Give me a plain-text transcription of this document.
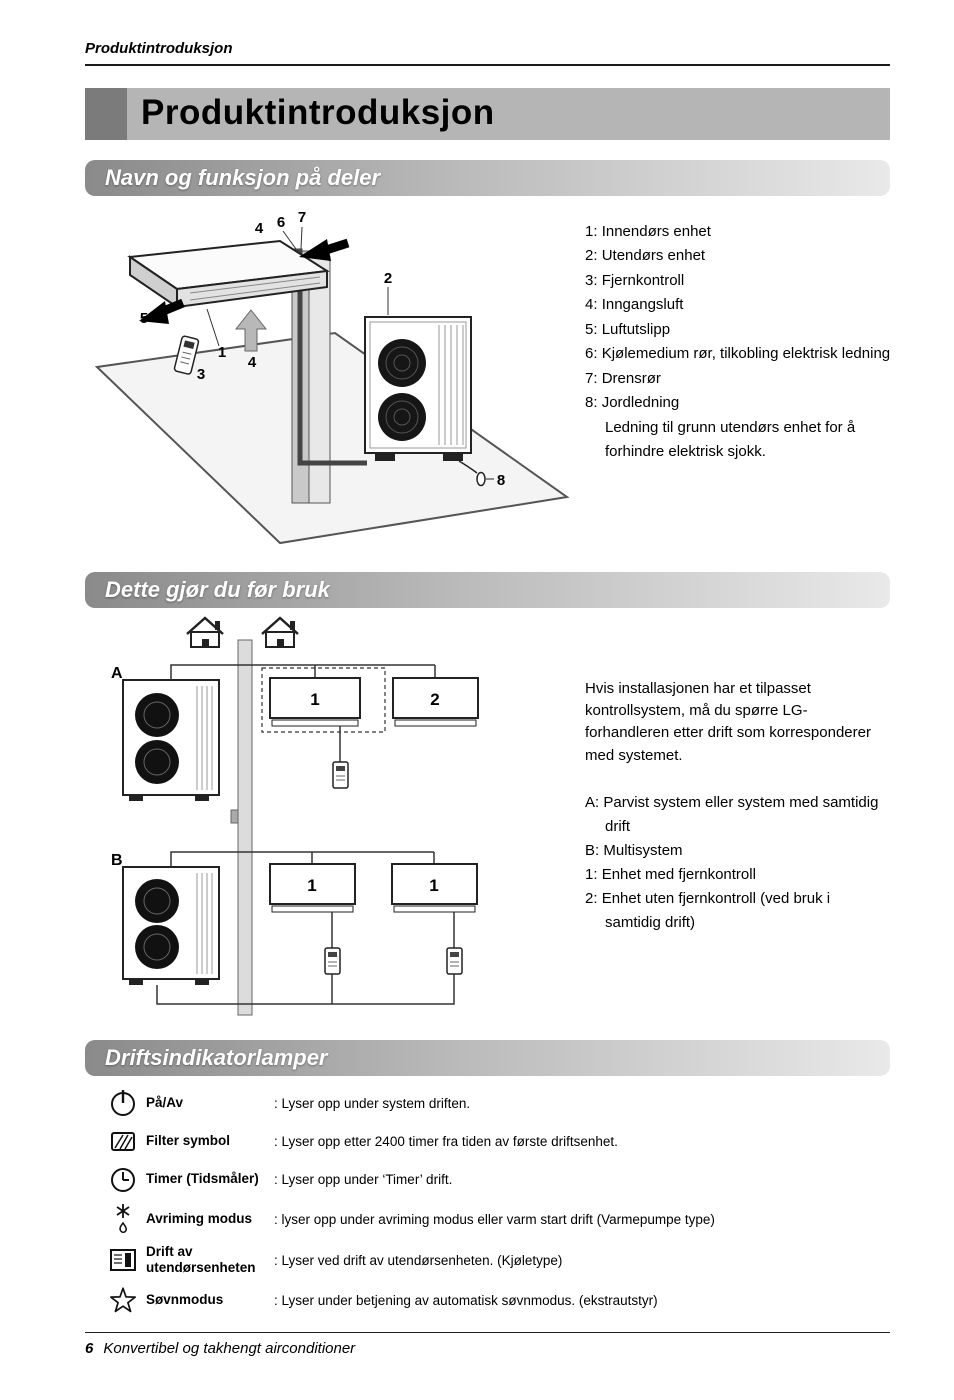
Produktintroduksjon
Produktintroduksjon
Navn og funksjon på deler
4 6 7
2
5
1
3
4
8
1: Innendørs enhet
2: Utendørs enhet
3: Fjernkontroll
4: Inngangsluft
5: Luftutslipp
6: Kjølemedium rør, tilkobling elektrisk ledning
7: Drensrør
8: Jordledning
Ledning til grunn utendørs enhet for å forhindre elektrisk sjokk.
Dette gjør du før bruk
A
1	2
B
1	1
Hvis installasjonen har et tilpasset kontrollsystem, må du spørre LG-forhandleren etter drift som korresponderer med systemet.
A: Parvist system eller system med samtidig drift
B: Multisystem
1: Enhet med fjernkontroll
2: Enhet uten fjernkontroll (ved bruk i samtidig drift)
Driftsindikatorlamper
På/Av	: Lyser opp under system driften.
Filter symbol	: Lyser opp etter 2400 timer fra tiden av første driftsenhet.
Timer (Tidsmåler)	: Lyser opp under ‘Timer’ drift.
Avriming modus	: lyser opp under avriming modus eller varm start drift (Varmepumpe type)
Drift av utendørsenheten	: Lyser ved drift av utendørsenheten. (Kjøletype)
Søvnmodus	: Lyser under betjening av automatisk søvnmodus. (ekstrautstyr)
6 Konvertibel og takhengt airconditioner
